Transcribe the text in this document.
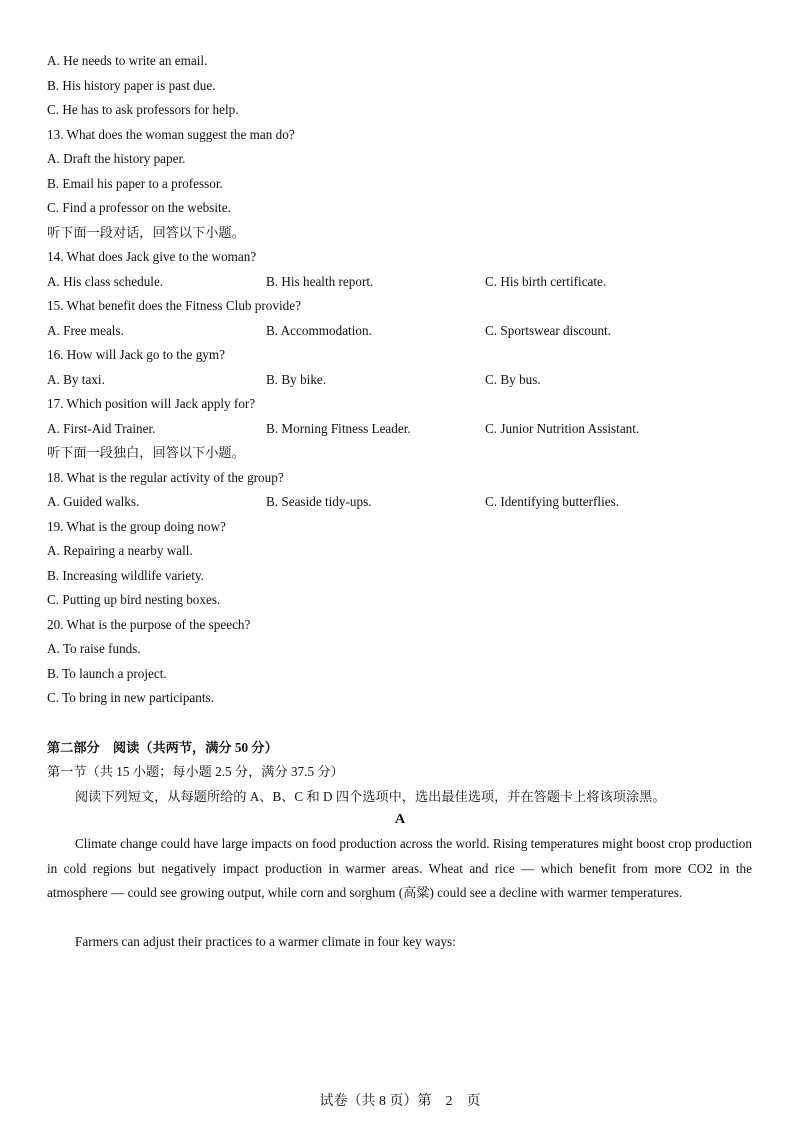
A. He needs to write an email.
B. His history paper is past due.
C. He has to ask professors for help.
13. What does the woman suggest the man do?
A. Draft the history paper.
B. Email his paper to a professor.
C. Find a professor on the website.
听下面一段对话，回答以下小题。
14. What does Jack give to the woman?
A. His class schedule.	B. His health report.	C. His birth certificate.
15. What benefit does the Fitness Club provide?
A. Free meals.	B. Accommodation.	C. Sportswear discount.
16. How will Jack go to the gym?
A. By taxi.	B. By bike.	C. By bus.
17. Which position will Jack apply for?
A. First-Aid Trainer.	B. Morning Fitness Leader.	C. Junior Nutrition Assistant.
听下面一段独白，回答以下小题。
18. What is the regular activity of the group?
A. Guided walks.	B. Seaside tidy-ups.	C. Identifying butterflies.
19. What is the group doing now?
A. Repairing a nearby wall.
B. Increasing wildlife variety.
C. Putting up bird nesting boxes.
20. What is the purpose of the speech?
A. To raise funds.
B. To launch a project.
C. To bring in new participants.
第二部分　阅读（共两节，满分 50 分）
第一节（共 15 小题；每小题 2.5 分，满分 37.5 分）
阅读下列短文，从每题所给的 A、B、C 和 D 四个选项中，选出最佳选项，并在答题卡上将该项涂黑。
A
Climate change could have large impacts on food production across the world. Rising temperatures might boost crop production in cold regions but negatively impact production in warmer areas. Wheat and rice — which benefit from more CO2 in the atmosphere — could see growing output, while corn and sorghum (高粱) could see a decline with warmer temperatures.
Farmers can adjust their practices to a warmer climate in four key ways:
试卷（共 8 页）第　2　页
